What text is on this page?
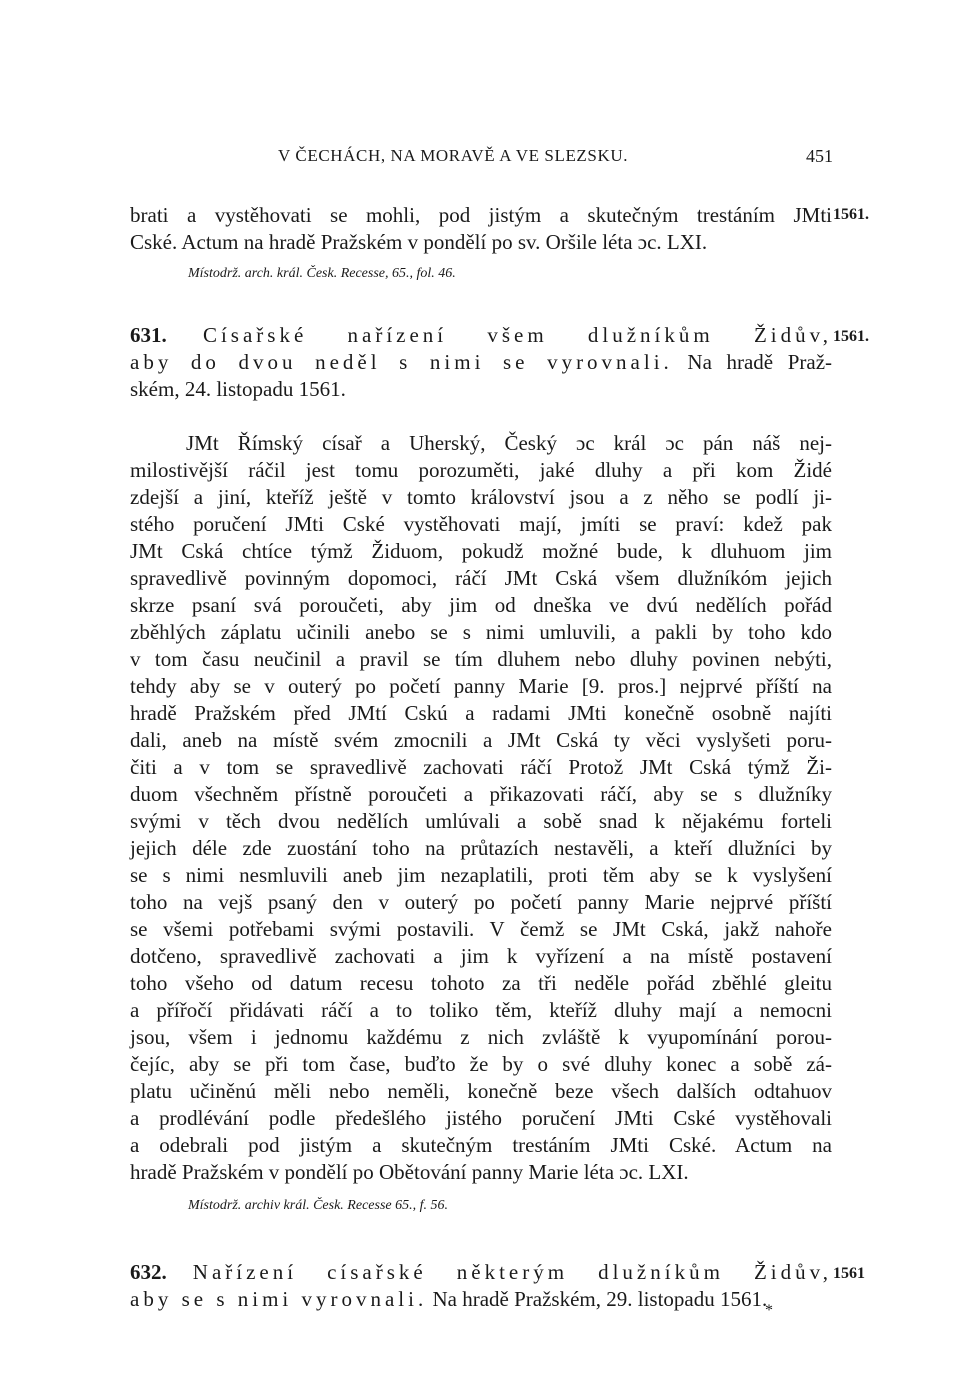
V ČECHÁCH, NA MORAVĚ A VE SLEZSKU.	451
brati a vystěhovati se mohli, pod jistým a skutečným trestáním JMti
Cské. Actum na hradě Pražském v pondělí po sv. Oršile léta ɔc. LXI.
1561.
Místodrž. arch. král. Česk. Recesse, 65., fol. 46.
631. Císařské nařízení všem dlužníkům Židův, 1561.
aby do dvou neděl s nimi se vyrovnali. Na hradě Praž-
ském, 24. listopadu 1561.
JMt Římský císař a Uherský, Český ɔc král ɔc pán náš nej-
milostivější ráčil jest tomu porozuměti, jaké dluhy a při kom Židé
zdejší a jiní, kteříž ještě v tomto království jsou a z něho se podlí ji-
stého poručení JMti Cské vystěhovati mají, jmíti se praví: kdež pak
JMt Cská chtíce týmž Židuom, pokudž možné bude, k dluhuom jim
spravedlivě povinným dopomoci, ráčí JMt Cská všem dlužníkóm jejich
skrze psaní svá poroučeti, aby jim od dneška ve dvú nedělích pořád
zběhlých záplatu učinili anebo se s nimi umluvili, a pakli by toho kdo
v tom času neučinil a pravil se tím dluhem nebo dluhy povinen nebýti,
tehdy aby se v outerý po početí panny Marie [9. pros.] nejprvé příští na
hradě Pražském před JMtí Cskú a radami JMti konečně osobně najíti
dali, aneb na místě svém zmocnili a JMt Cská ty věci vyslyšeti poru-
čiti a v tom se spravedlivě zachovati ráčí Protož JMt Cská týmž Ži-
duom všechněm přístně poroučeti a přikazovati ráčí, aby se s dlužníky
svými v těch dvou nedělích umlúvali a sobě snad k nějakému forteli
jejich déle zde zuostání toho na průtazích nestavěli, a kteří dlužníci by
se s nimi nesmluvili aneb jim nezaplatili, proti těm aby se k vyslyšení
toho na vejš psaný den v outerý po početí panny Marie nejprvé příští
se všemi potřebami svými postavili. V čemž se JMt Cská, jakž nahoře
dotčeno, spravedlivě zachovati a jim k vyřízení a na místě postavení
toho všeho od datum recesu tohoto za tři neděle pořád zběhlé gleitu
a přířočí přidávati ráčí a to toliko těm, kteříž dluhy mají a nemocni
jsou, všem i jednomu každému z nich zvláště k vyupomínání porou-
čejíc, aby se při tom čase, buďto že by o své dluhy konec a sobě zá-
platu učiněnú měli nebo neměli, konečně beze všech dalších odtahuov
a prodlévání podle předešlého jistého poručení JMti Cské vystěhovali
a odebrali pod jistým a skutečným trestáním JMti Cské. Actum na
hradě Pražském v pondělí po Obětování panny Marie léta ɔc. LXI.
Místodrž. archiv král. Česk. Recesse 65., f. 56.
632. Nařízení císařské některým dlužníkům Židův, 1561
aby se s nimi vyrovnali. Na hradě Pražském, 29. listopadu 1561.
*
